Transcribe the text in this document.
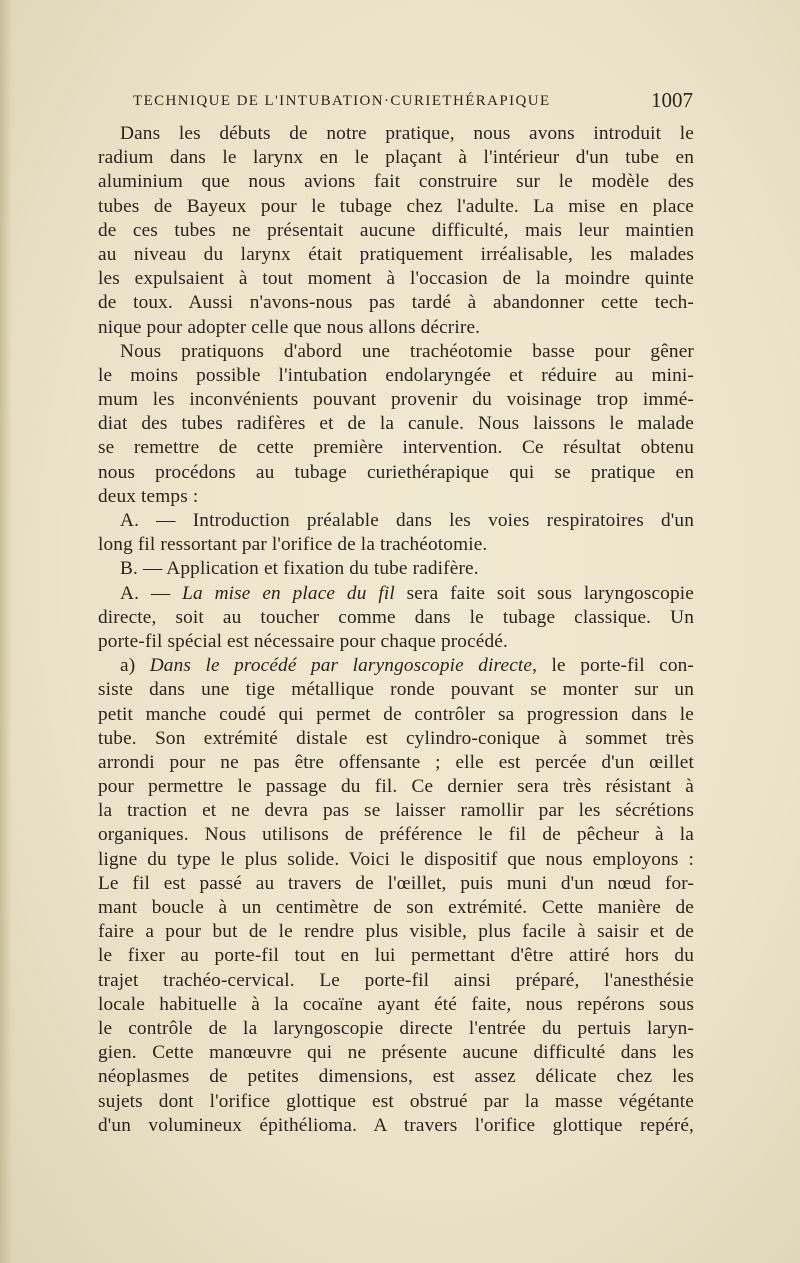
TECHNIQUE DE L'INTUBATION·CURIETHÉRAPIQUE	1007
Dans les débuts de notre pratique, nous avons introduit le
radium dans le larynx en le plaçant à l'intérieur d'un tube en
aluminium que nous avions fait construire sur le modèle des
tubes de Bayeux pour le tubage chez l'adulte. La mise en place
de ces tubes ne présentait aucune difficulté, mais leur maintien
au niveau du larynx était pratiquement irréalisable, les malades
les expulsaient à tout moment à l'occasion de la moindre quinte
de toux. Aussi n'avons-nous pas tardé à abandonner cette tech-
nique pour adopter celle que nous allons décrire.
Nous pratiquons d'abord une trachéotomie basse pour gêner
le moins possible l'intubation endolaryngée et réduire au mini-
mum les inconvénients pouvant provenir du voisinage trop immé-
diat des tubes radifères et de la canule. Nous laissons le malade
se remettre de cette première intervention. Ce résultat obtenu
nous procédons au tubage curiethérapique qui se pratique en
deux temps :
A. — Introduction préalable dans les voies respiratoires d'un
long fil ressortant par l'orifice de la trachéotomie.
B. — Application et fixation du tube radifère.
A. — La mise en place du fil sera faite soit sous laryngoscopie
directe, soit au toucher comme dans le tubage classique. Un
porte-fil spécial est nécessaire pour chaque procédé.
a) Dans le procédé par laryngoscopie directe, le porte-fil con-
siste dans une tige métallique ronde pouvant se monter sur un
petit manche coudé qui permet de contrôler sa progression dans le
tube. Son extrémité distale est cylindro-conique à sommet très
arrondi pour ne pas être offensante ; elle est percée d'un œillet
pour permettre le passage du fil. Ce dernier sera très résistant à
la traction et ne devra pas se laisser ramollir par les sécrétions
organiques. Nous utilisons de préférence le fil de pêcheur à la
ligne du type le plus solide. Voici le dispositif que nous employons :
Le fil est passé au travers de l'œillet, puis muni d'un nœud for-
mant boucle à un centimètre de son extrémité. Cette manière de
faire a pour but de le rendre plus visible, plus facile à saisir et de
le fixer au porte-fil tout en lui permettant d'être attiré hors du
trajet trachéo-cervical. Le porte-fil ainsi préparé, l'anesthésie
locale habituelle à la cocaïne ayant été faite, nous repérons sous
le contrôle de la laryngoscopie directe l'entrée du pertuis laryn-
gien. Cette manœuvre qui ne présente aucune difficulté dans les
néoplasmes de petites dimensions, est assez délicate chez les
sujets dont l'orifice glottique est obstrué par la masse végétante
d'un volumineux épithélioma. A travers l'orifice glottique repéré,
